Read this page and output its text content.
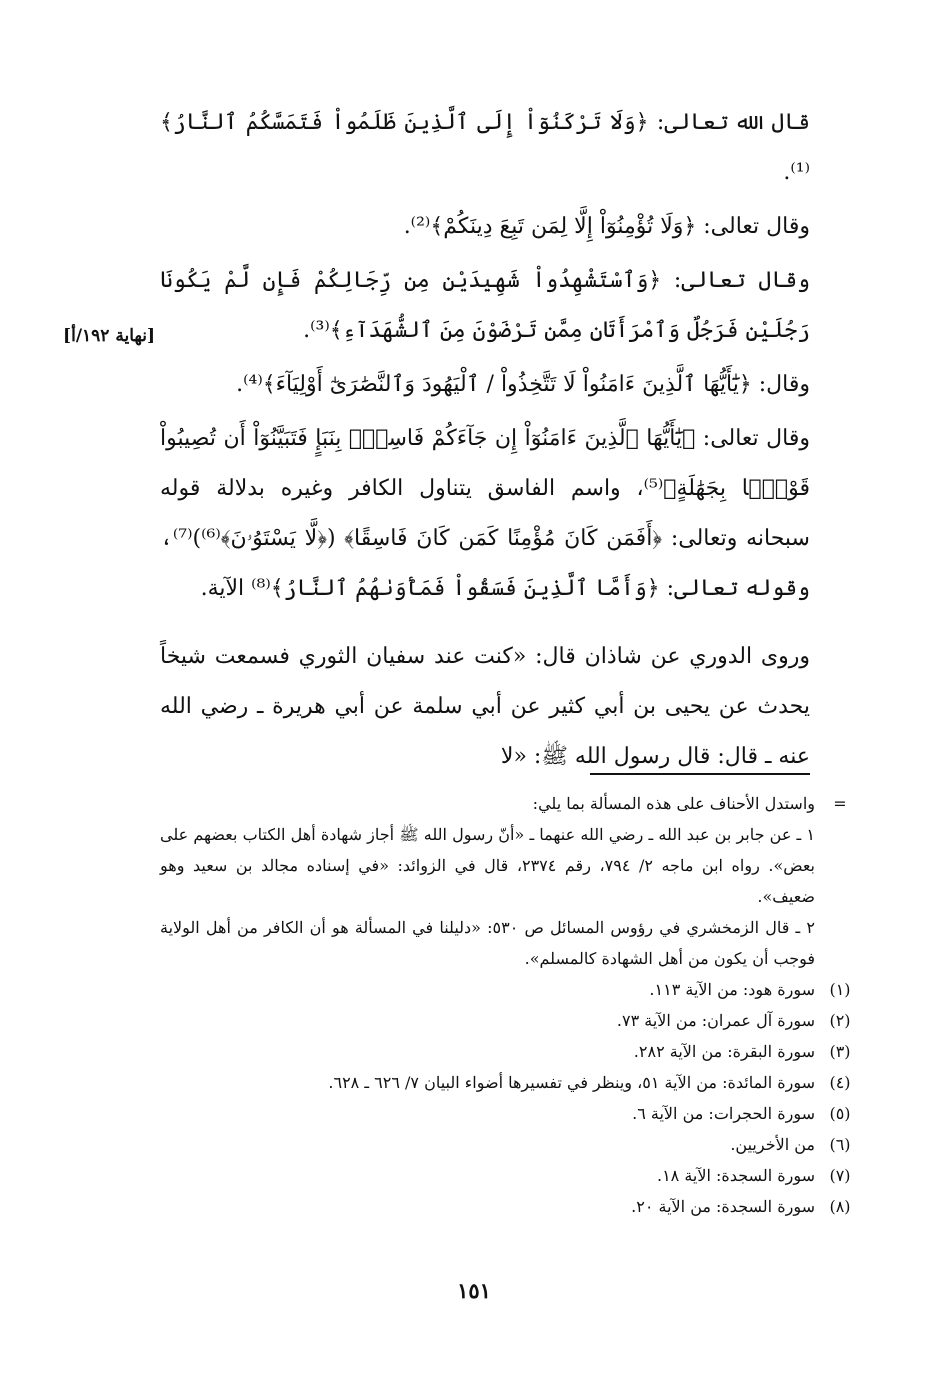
قال الله تعالى: ﴿وَلَا تَرْكَنُوٓاْ إِلَى ٱلَّذِينَ ظَلَمُواْ فَتَمَسَّكُمُ ٱلنَّارُ﴾⁽¹⁾.

وقال تعالى: ﴿وَلَا تُؤْمِنُوٓاْ إِلَّا لِمَن تَبِعَ دِينَكُمْ﴾⁽²⁾.

وقال تعالى: ﴿وَٱسْتَشْهِدُواْ شَهِيدَيْنِ مِن رِّجَالِكُمْ فَإِن لَّمْ يَكُونَا رَجُلَيْنِ فَرَجُلٌ وَٱمْرَأَتَانِ مِمَّن تَرْضَوْنَ مِنَ ٱلشُّهَدَآءِ﴾⁽³⁾.

وقال: ﴿يَٰٓأَيُّهَا ٱلَّذِينَ ءَامَنُواْ لَا تَتَّخِذُواْ / ٱلْيَهُودَ وَٱلنَّصَٰرَىٰٓ أَوْلِيَآءَ﴾⁽⁴⁾.

وقال تعالى: ﴿يَٰٓأَيُّهَا ٱلَّذِينَ ءَامَنُوٓاْ إِن جَآءَكُمْ فَاسِقٌۢ بِنَبَإٍ فَتَبَيَّنُوٓاْ أَن تُصِيبُواْ قَوْمًۢا بِجَهَٰلَةٍ﴾⁽⁵⁾، واسم الفاسق يتناول الكافر وغيره بدلالة قوله سبحانه وتعالى: ﴿أَفَمَن كَانَ مُؤْمِنًا كَمَن كَانَ فَاسِقًا﴾ (﴿لَّا يَسْتَوُۥنَ﴾⁽⁶⁾)⁽⁷⁾، وقوله تعالى: ﴿وَأَمَّا ٱلَّذِينَ فَسَقُواْ فَمَأْوَىٰهُمُ ٱلنَّارُ﴾⁽⁸⁾ الآية.

وروى الدوري عن شاذان قال: «كنت عند سفيان الثوري فسمعت شيخاً يحدث عن يحيى بن أبي كثير عن أبي سلمة عن أبي هريرة ـ رضي الله عنه ـ قال: قال رسول الله ﷺ: «لا

[نهاية ١٩٢/أ]
=
واستدل الأحناف على هذه المسألة بما يلي:
١ ـ عن جابر بن عبد الله ـ رضي الله عنهما ـ «أنّ رسول الله ﷺ أجاز شهادة أهل الكتاب بعضهم على بعض». رواه ابن ماجه ٢/ ٧٩٤، رقم ٢٣٧٤، قال في الزوائد: «في إسناده مجالد بن سعيد وهو ضعيف».
٢ ـ قال الزمخشري في رؤوس المسائل ص ٥٣٠: «دليلنا في المسألة هو أن الكافر من أهل الولاية فوجب أن يكون من أهل الشهادة كالمسلم».
(١)
سورة هود: من الآية ١١٣.
(٢)
سورة آل عمران: من الآية ٧٣.
(٣)
سورة البقرة: من الآية ٢٨٢.
(٤)
سورة المائدة: من الآية ٥١، وينظر في تفسيرها أضواء البيان ٧/ ٦٢٦ ـ ٦٢٨.
(٥)
سورة الحجرات: من الآية ٦.
(٦)
من الأخريين.
(٧)
سورة السجدة: الآية ١٨.
(٨)
سورة السجدة: من الآية ٢٠.
١٥١
